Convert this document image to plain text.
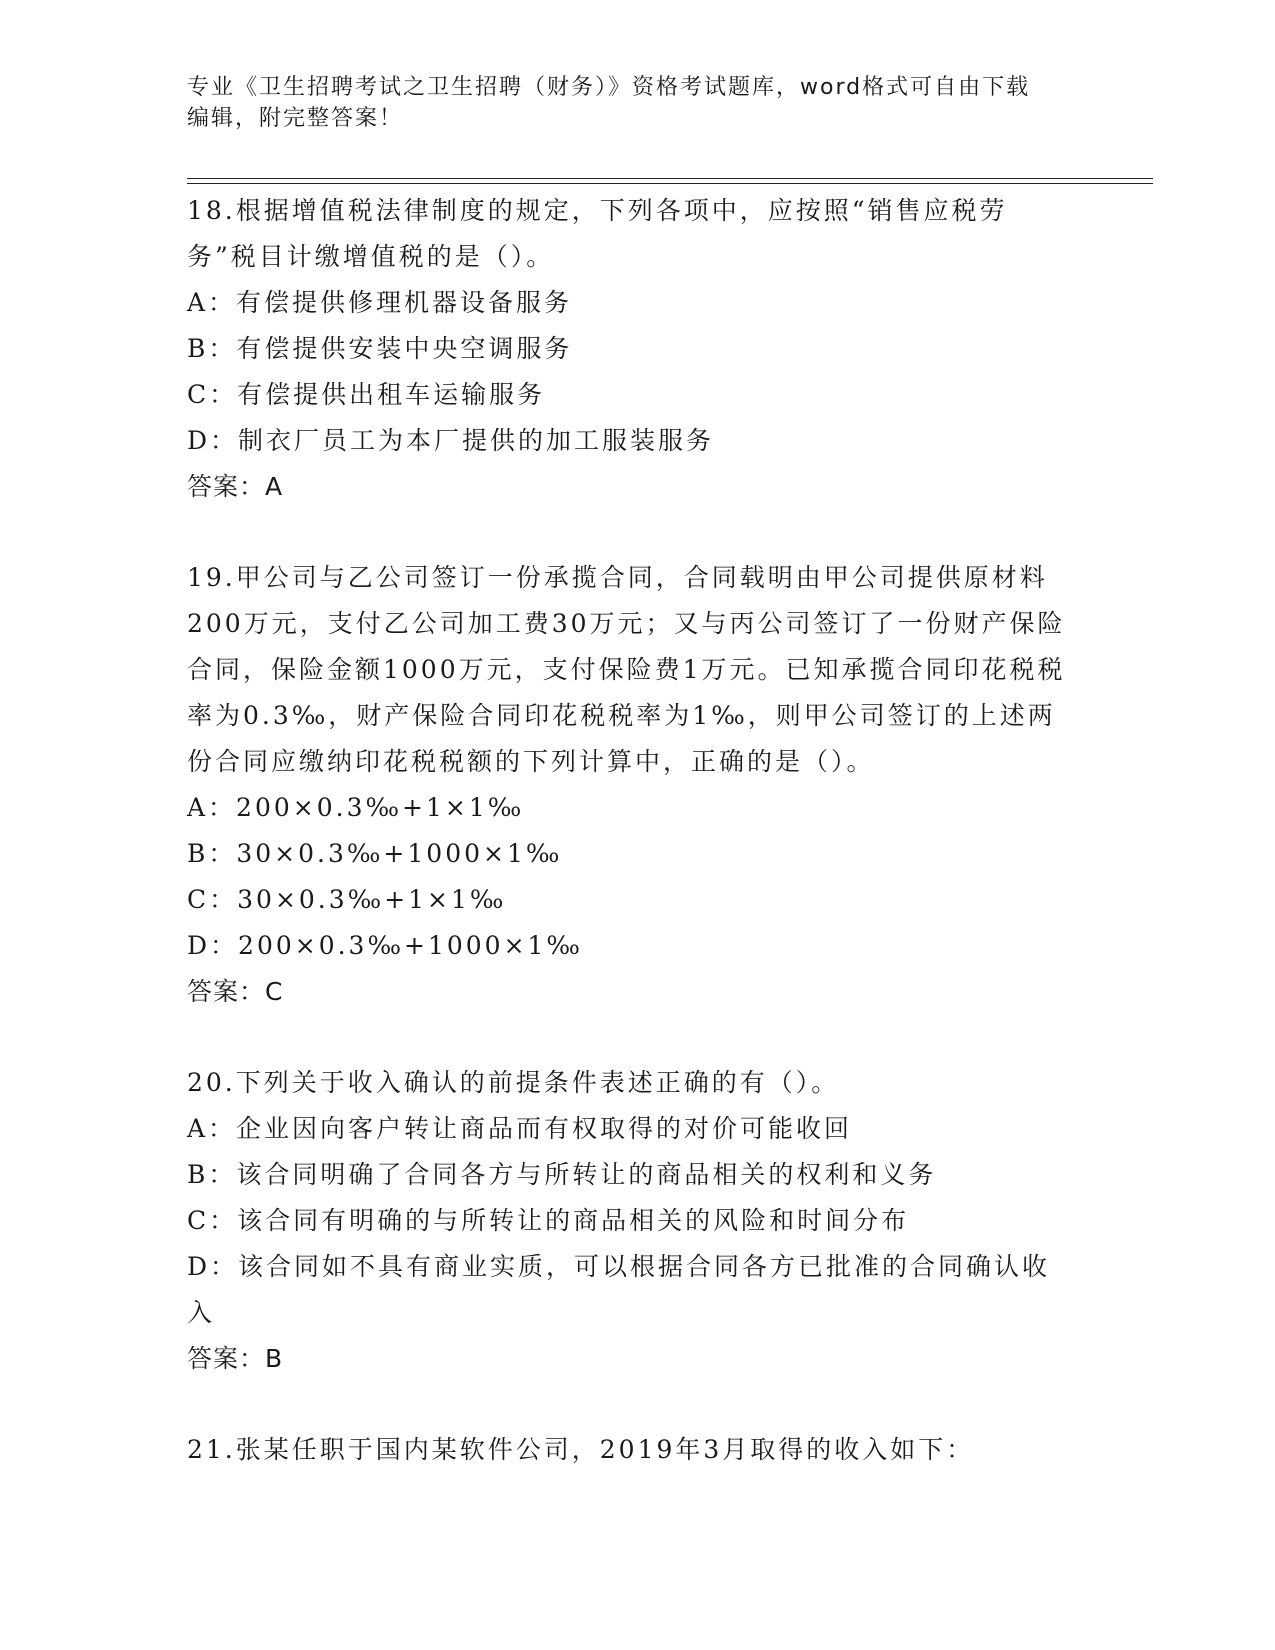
专业《卫生招聘考试之卫生招聘（财务）》资格考试题库，word格式可自由下载
编辑，附完整答案！

18.根据增值税法律制度的规定，下列各项中，应按照“销售应税劳务”税目计缴增值税的是（）。

A：有偿提供修理机器设备服务

B：有偿提供安装中央空调服务

C：有偿提供出租车运输服务

D：制衣厂员工为本厂提供的加工服装服务

答案：A

19.甲公司与乙公司签订一份承揽合同，合同载明由甲公司提供原材料200万元，支付乙公司加工费30万元；又与丙公司签订了一份财产保险合同，保险金额1000万元，支付保险费1万元。已知承揽合同印花税税率为0.3‰，财产保险合同印花税税率为1‰，则甲公司签订的上述两份合同应缴纳印花税税额的下列计算中，正确的是（）。

A：200×0.3‰+1×1‰

B：30×0.3‰+1000×1‰

C：30×0.3‰+1×1‰

D：200×0.3‰+1000×1‰

答案：C

20.下列关于收入确认的前提条件表述正确的有（）。

A：企业因向客户转让商品而有权取得的对价可能收回

B：该合同明确了合同各方与所转让的商品相关的权利和义务

C：该合同有明确的与所转让的商品相关的风险和时间分布

D：该合同如不具有商业实质，可以根据合同各方已批准的合同确认收入

答案：B

21.张某任职于国内某软件公司，2019年3月取得的收入如下：
